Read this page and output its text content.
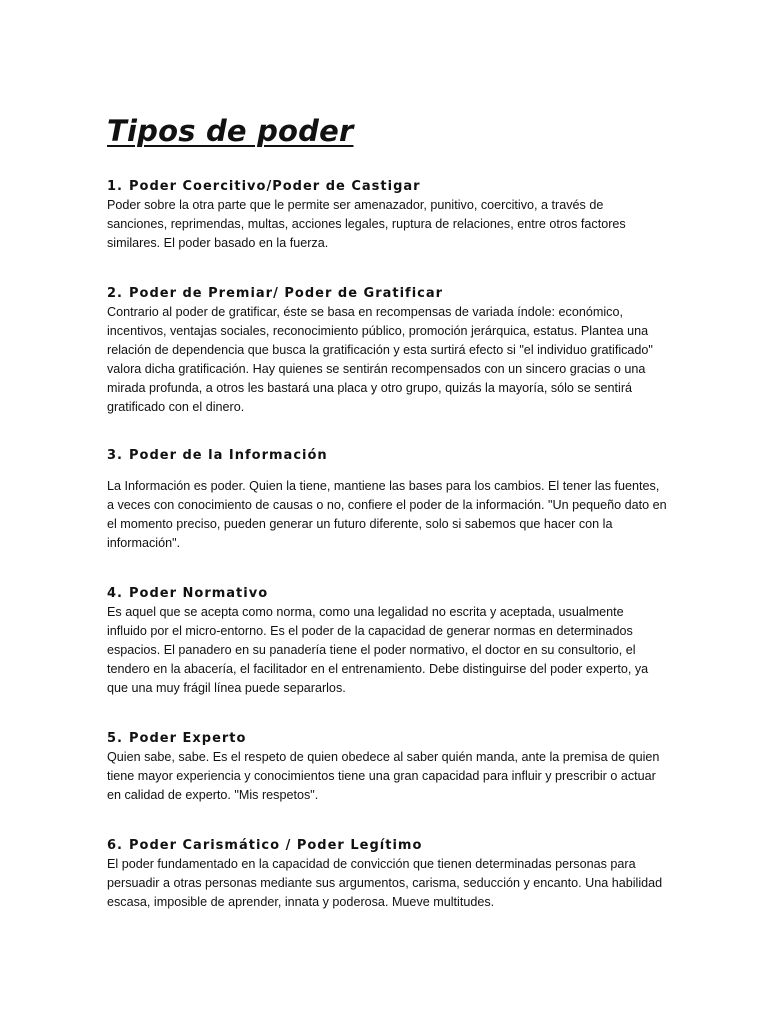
Tipos de poder
1. Poder Coercitivo/Poder de Castigar

Poder sobre la otra parte que le permite ser amenazador, punitivo, coercitivo, a través de sanciones, reprimendas, multas, acciones legales, ruptura de relaciones, entre otros factores similares. El poder basado en la fuerza.

2. Poder de Premiar/ Poder de Gratificar

Contrario al poder de gratificar, éste se basa en recompensas de variada índole: económico, incentivos, ventajas sociales, reconocimiento público, promoción jerárquica, estatus. Plantea una relación de dependencia que busca la gratificación y esta surtirá efecto si "el individuo gratificado" valora dicha gratificación. Hay quienes se sentirán recompensados con un sincero gracias o una mirada profunda, a otros les bastará una placa y otro grupo, quizás la mayoría, sólo se sentirá gratificado con el dinero.

3. Poder de la Información

La Información es poder. Quien la tiene, mantiene las bases para los cambios. El tener las fuentes, a veces con conocimiento de causas o no, confiere el poder de la información. "Un pequeño dato en el momento preciso, pueden generar un futuro diferente, solo si sabemos que hacer con la información".

4. Poder Normativo

Es aquel que se acepta como norma, como una legalidad no escrita y aceptada, usualmente influido por el micro-entorno. Es el poder de la capacidad de generar normas en determinados espacios. El panadero en su panadería tiene el poder normativo, el doctor en su consultorio, el tendero en la abacería, el facilitador en el entrenamiento. Debe distinguirse del poder experto, ya que una muy frágil línea puede separarlos.

5. Poder Experto

Quien sabe, sabe. Es el respeto de quien obedece al saber quién manda, ante la premisa de quien tiene mayor experiencia y conocimientos tiene una gran capacidad para influir y prescribir o actuar en calidad de experto. "Mis respetos".

6. Poder Carismático / Poder Legítimo

El poder fundamentado en la capacidad de convicción que tienen determinadas personas para persuadir a otras personas mediante sus argumentos, carisma, seducción y encanto. Una habilidad escasa, imposible de aprender, innata y poderosa. Mueve multitudes.
